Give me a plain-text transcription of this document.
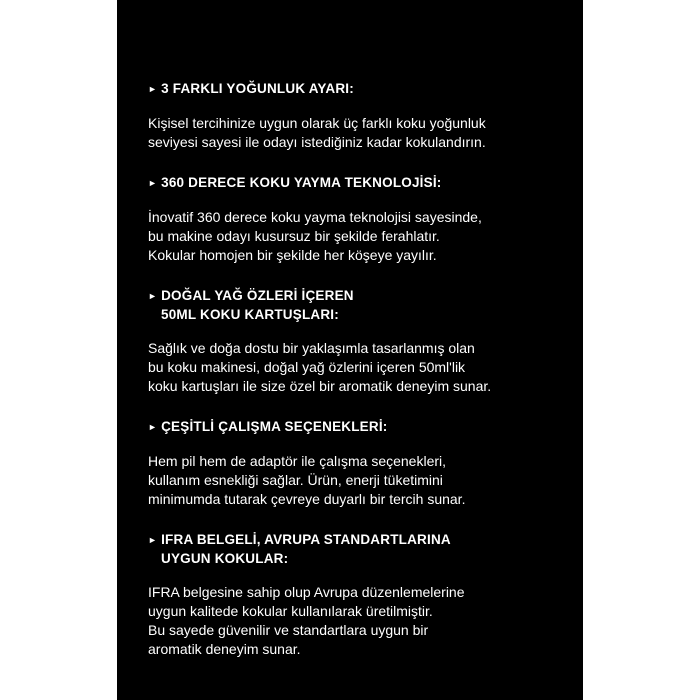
► 3 FARKLI YOĞUNLUK AYARI:
Kişisel tercihinize uygun olarak üç farklı koku yoğunluk
seviyesi sayesi ile odayı istediğiniz kadar kokulandırın.
► 360 DERECE KOKU YAYMA TEKNOLOJİSİ:
İnovatif 360 derece koku yayma teknolojisi sayesinde,
bu makine odayı kusursuz bir şekilde ferahlatır.
Kokular homojen bir şekilde her köşeye yayılır.
► DOĞAL YAĞ ÖZLERİ İÇEREN
50ML KOKU KARTUŞLARI:
Sağlık ve doğa dostu bir yaklaşımla tasarlanmış olan
bu koku makinesi, doğal yağ özlerini içeren 50ml'lik
koku kartuşları ile size özel bir aromatik deneyim sunar.
► ÇEŞİTLİ ÇALIŞMA SEÇENEKLERİ:
Hem pil hem de adaptör ile çalışma seçenekleri,
kullanım esnekliği sağlar. Ürün, enerji tüketimini
minimumda tutarak çevreye duyarlı bir tercih sunar.
► IFRA BELGELİ, AVRUPA STANDARTLARINA
UYGUN KOKULAR:
IFRA belgesine sahip olup Avrupa düzenlemelerine
uygun kalitede kokular kullanılarak üretilmiştir.
Bu sayede güvenilir ve standartlara uygun bir
aromatik deneyim sunar.
